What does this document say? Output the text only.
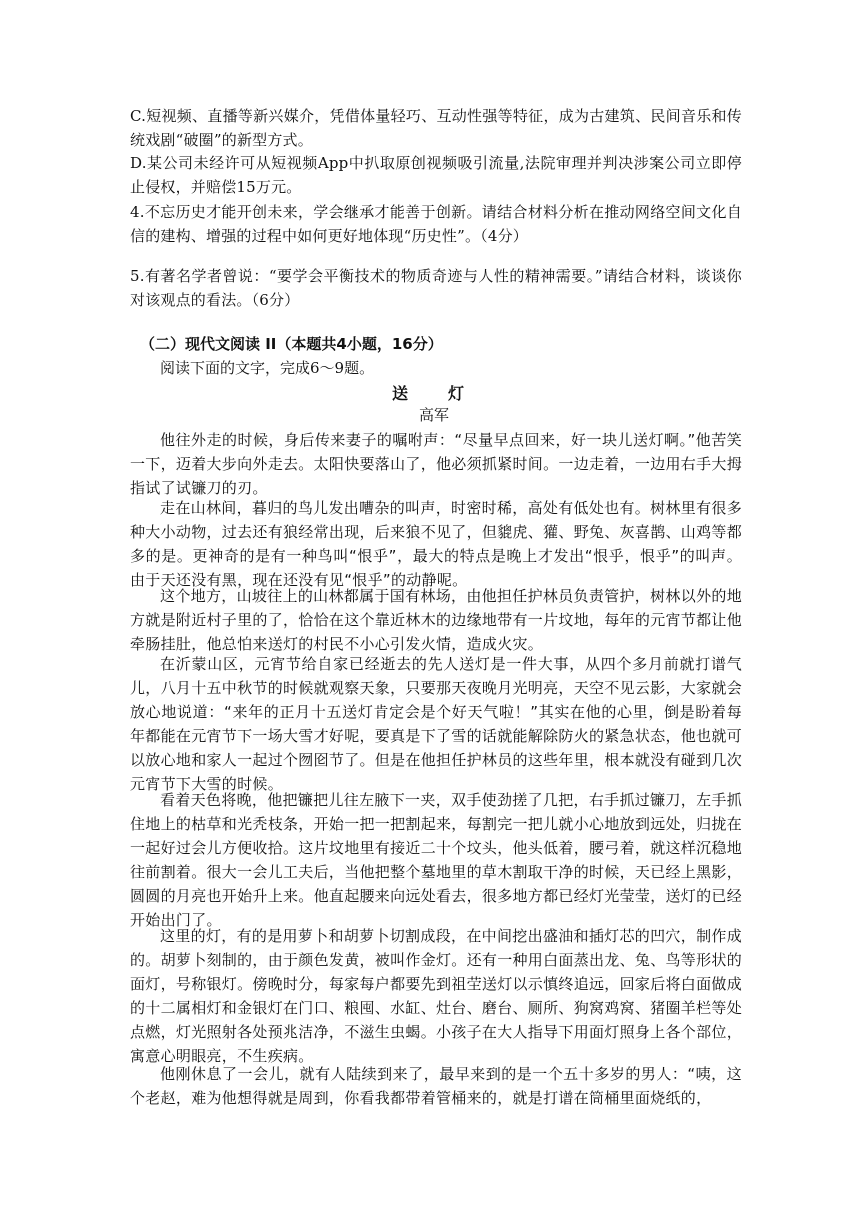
C.短视频、直播等新兴媒介，凭借体量轻巧、互动性强等特征，成为古建筑、民间音乐和传统戏剧“破圈”的新型方式。
D.某公司未经许可从短视频App中扒取原创视频吸引流量,法院审理并判决涉案公司立即停止侵权，并赔偿15万元。
4.不忘历史才能开创未来，学会继承才能善于创新。请结合材料分析在推动网络空间文化自信的建构、增强的过程中如何更好地体现“历史性”。（4分）
5.有著名学者曾说：“要学会平衡技术的物质奇迹与人性的精神需要。”请结合材料，谈谈你对该观点的看法。（6分）
（二）现代文阅读 II（本题共4小题，16分）
阅读下面的文字，完成6～9题。
送　灯
高军
他往外走的时候，身后传来妻子的嘱咐声：“尽量早点回来，好一块儿送灯啊。”他苦笑一下，迈着大步向外走去。太阳快要落山了，他必须抓紧时间。一边走着，一边用右手大拇指试了试镰刀的刃。
走在山林间，暮归的鸟儿发出嘈杂的叫声，时密时稀，高处有低处也有。树林里有很多种大小动物，过去还有狼经常出现，后来狼不见了，但貔虎、獾、野兔、灰喜鹊、山鸡等都多的是。更神奇的是有一种鸟叫“恨乎”，最大的特点是晚上才发出“恨乎，恨乎”的叫声。由于天还没有黑，现在还没有见“恨乎”的动静呢。
这个地方，山坡往上的山林都属于国有林场，由他担任护林员负责管护，树林以外的地方就是附近村子里的了，恰恰在这个靠近林木的边缘地带有一片坟地，每年的元宵节都让他牵肠挂肚，他总怕来送灯的村民不小心引发火情，造成火灾。
在沂蒙山区，元宵节给自家已经逝去的先人送灯是一件大事，从四个多月前就打谱气儿，八月十五中秋节的时候就观察天象，只要那天夜晚月光明亮，天空不见云影，大家就会放心地说道：“来年的正月十五送灯肯定会是个好天气啦！”其实在他的心里，倒是盼着每年都能在元宵节下一场大雪才好呢，要真是下了雪的话就能解除防火的紧急状态，他也就可以放心地和家人一起过个囫囵节了。但是在他担任护林员的这些年里，根本就没有碰到几次元宵节下大雪的时候。
看着天色将晚，他把镰把儿往左腋下一夹，双手使劲搓了几把，右手抓过镰刀，左手抓住地上的枯草和光秃枝条，开始一把一把割起来，每割完一把儿就小心地放到远处，归拢在一起好过会儿方便收拾。这片坟地里有接近二十个坟头，他头低着，腰弓着，就这样沉稳地往前割着。很大一会儿工夫后，当他把整个墓地里的草木割取干净的时候，天已经上黑影，圆圆的月亮也开始升上来。他直起腰来向远处看去，很多地方都已经灯光莹莹，送灯的已经开始出门了。
这里的灯，有的是用萝卜和胡萝卜切割成段，在中间挖出盛油和插灯芯的凹穴，制作成的。胡萝卜刻制的，由于颜色发黄，被叫作金灯。还有一种用白面蒸出龙、兔、鸟等形状的面灯，号称银灯。傍晚时分，每家每户都要先到祖茔送灯以示慎终追远，回家后将白面做成的十二属相灯和金银灯在门口、粮囤、水缸、灶台、磨台、厕所、狗窝鸡窝、猪圈羊栏等处点燃，灯光照射各处预兆洁净，不滋生虫蝎。小孩子在大人指导下用面灯照身上各个部位，寓意心明眼亮，不生疾病。
他刚休息了一会儿，就有人陆续到来了，最早来到的是一个五十多岁的男人：“咦，这个老赵，难为他想得就是周到，你看我都带着管桶来的，就是打谱在筒桶里面烧纸的，
